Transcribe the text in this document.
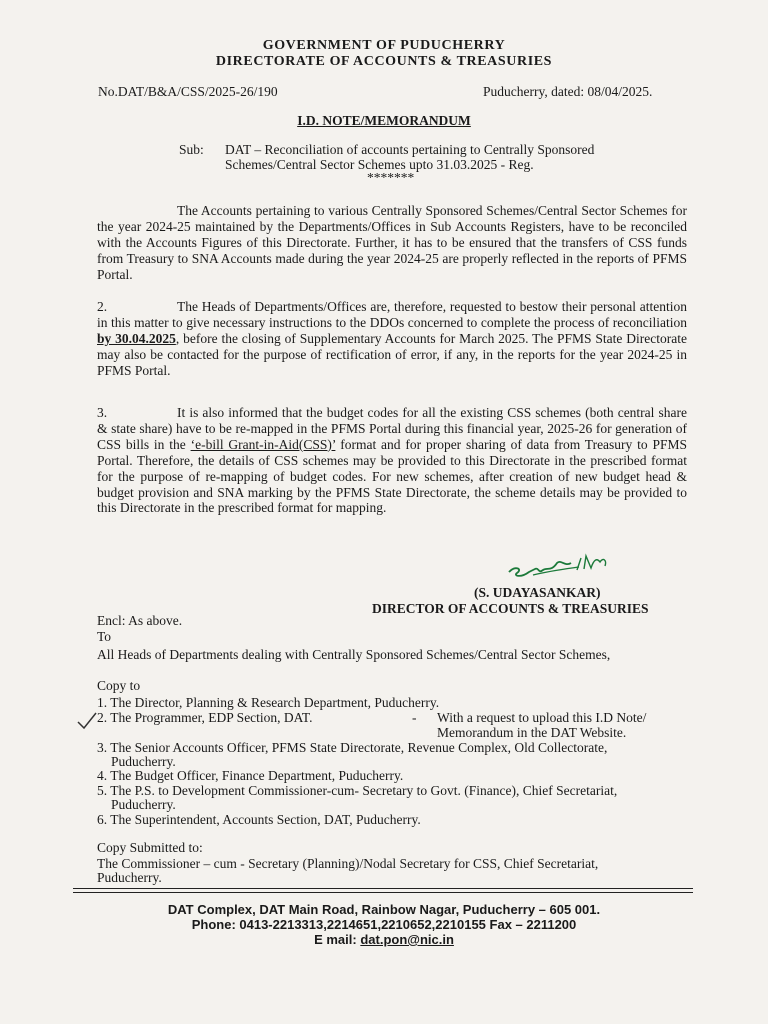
GOVERNMENT OF PUDUCHERRY
DIRECTORATE OF ACCOUNTS & TREASURIES
No.DAT/B&A/CSS/2025-26/190	Puducherry, dated: 08/04/2025.
I.D. NOTE/MEMORANDUM
Sub: DAT – Reconciliation of accounts pertaining to Centrally Sponsored
Schemes/Central Sector Schemes upto 31.03.2025 - Reg.
*******

The Accounts pertaining to various Centrally Sponsored Schemes/Central Sector Schemes for the year 2024-25 maintained by the Departments/Offices in Sub Accounts Registers, have to be reconciled with the Accounts Figures of this Directorate. Further, it has to be ensured that the transfers of CSS funds from Treasury to SNA Accounts made during the year 2024-25 are properly reflected in the reports of PFMS Portal.

2.	The Heads of Departments/Offices are, therefore, requested to bestow their personal attention in this matter to give necessary instructions to the DDOs concerned to complete the process of reconciliation by 30.04.2025, before the closing of Supplementary Accounts for March 2025. The PFMS State Directorate may also be contacted for the purpose of rectification of error, if any, in the reports for the year 2024-25 in PFMS Portal.

3.	It is also informed that the budget codes for all the existing CSS schemes (both central share & state share) have to be re-mapped in the PFMS Portal during this financial year, 2025-26 for generation of CSS bills in the ‘e-bill Grant-in-Aid(CSS)’ format and for proper sharing of data from Treasury to PFMS Portal. Therefore, the details of CSS schemes may be provided to this Directorate in the prescribed format for the purpose of re-mapping of budget codes. For new schemes, after creation of new budget head & budget provision and SNA marking by the PFMS State Directorate, the scheme details may be provided to this Directorate in the prescribed format for mapping.

(S. UDAYASANKAR)
DIRECTOR OF ACCOUNTS & TREASURIES
Encl: As above.
To
All Heads of Departments dealing with Centrally Sponsored Schemes/Central Sector Schemes,
Copy to
1. The Director, Planning & Research Department, Puducherry.
2. The Programmer, EDP Section, DAT.	- With a request to upload this I.D Note/
Memorandum in the DAT Website.
3. The Senior Accounts Officer, PFMS State Directorate, Revenue Complex, Old Collectorate,
Puducherry.
4. The Budget Officer, Finance Department, Puducherry.
5. The P.S. to Development Commissioner-cum- Secretary to Govt. (Finance), Chief Secretariat,
Puducherry.
6. The Superintendent, Accounts Section, DAT, Puducherry.
Copy Submitted to:
The Commissioner – cum - Secretary (Planning)/Nodal Secretary for CSS, Chief Secretariat,
Puducherry.
DAT Complex, DAT Main Road, Rainbow Nagar, Puducherry – 605 001.
Phone: 0413-2213313,2214651,2210652,2210155 Fax – 2211200
E mail: dat.pon@nic.in
